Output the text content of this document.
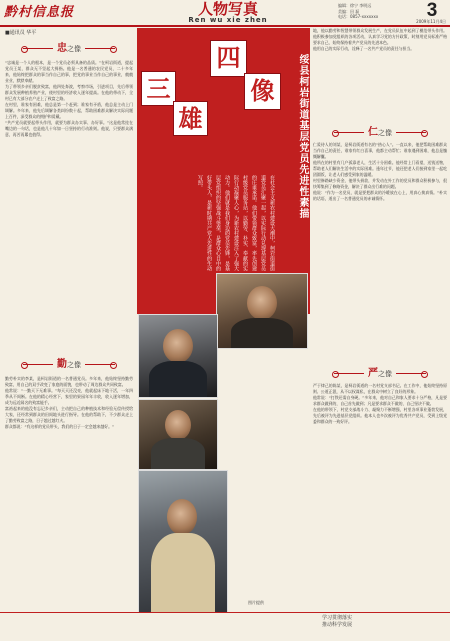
黔村信息报	人物写真
Ren wu xie zhen
编辑：徐宁 李明远
美编：田 磊
电话：0857-xxxxxxx	3
2009年11月4日
■通讯员 华平
忠之像
“忠诚是一个人的根本，是一个党员必须具备的品质。”在柯岩街道，提起党员王某，群众无不竖起大拇指。他是一名普通的农民党员，二十多年来，他始终把群众的事当作自己的事，把党的事业当作自己的事业，兢兢业业，默默奉献。
为了带领乡亲们脱贫致富，他四处奔波，考察市场，引进项目，先后带领群众发展种植养殖产业，使村里的经济收入逐年提高。在他的带动下，全村已有大部分农户走上了致富之路。
在村里，谁家有困难，他总是第一个赶到；谁家有矛盾，他总是主动上门调解。多年来，他先后调解各类纠纷数十起，帮助困难群众解决实际问题上百件，深受群众的拥护和爱戴。
“共产党员就要起带头作用，就要为群众办实事、办好事。”这是他常挂在嘴边的一句话，也是他几十年如一日坚持的行动准则。他说，只要群众满意，再苦再累也值得。
勤之像
勤劳朴实的李某，是柯岩街道的一名普通党员。多年来，他始终坚持勤劳致富，用自己的双手改变了家庭的面貌，也带动了周边群众共同致富。
他常说：“一勤天下无难事。”每天天还没亮，他就起床下地干活，一年四季从不间断。在他的精心经营下，家里的果园年年丰收，收入逐年增加，成为远近闻名的致富能手。
富裕起来的他没有忘记乡亲们，主动把自己的种植技术和经验无偿传授给大家，还经常到群众的田间地头进行指导。在他的帮助下，不少群众走上了勤劳致富之路，日子越过越红火。
群众都说：“有这样的党员带头，我们的日子一定会越来越好。”
四
像
三
雄	绥县柯岩街道基层党员先进性素描
在社会主义新农村建设大潮中，柯岩街道街道党员汇聚一起，以实际行动兑现基层党员的庄重承诺。他们带领群众致富，率先创建村级党员服务站，以勤劳、朴实、奉献的实际行动凝聚人心，为新农村建设注入了强大动力。他们就是我们身边的党员先锋，是基层党组织的坚强战斗堡垒，是群众心目中的好带头人，是新时期共产党人先进性的生动写照。
图片提供
地，他以勤劳和智慧带领群众发展生产，在党员队伍中起到了模范带头作用。他积极参加党组织的各项活动，认真学习党的方针政策，时刻用党员标准严格要求自己，始终保持着共产党员的先进本色。
他用自己的实际行动，诠释了一名共产党员的责任与担当。
仁之像
仁爱待人的刘某，是柯岩街道有名的“热心人”。一直以来，他把帮助困难群众当作自己的责任，谁家有红白喜事，他都主动帮忙；谁家遇到困难，他总是慷慨解囊。
他所在的村里有几户孤寡老人，生活十分困难。他经常上门看望，送钱送物，帮助老人们解决生活中的实际困难。逢年过节，他还把老人们接到家里一起吃团圆饭，让老人们感受到家的温暖。
村里修路缺少资金，他带头捐款，并发动在外工作的党员和群众积极参与，很快筹集到了修路资金，解决了群众出行难的问题。
他说：“作为一名党员，就是要把群众的冷暖放在心上，用真心换真情。”朴实的话语，道出了一名普通党员的赤诚情怀。
严之像
严于律己的陈某，是柯岩街道的一名村党支部书记。在工作中，他始终坚持原则、公道正派，从不以权谋私，在群众中树立了良好的形象。
他常说：“打铁还需自身硬。”多年来，他对自己和家人要求十分严格，凡是要求群众做到的，自己首先做到；凡是要求群众不做的，自己坚决不做。
在他的带领下，村党支部战斗力、凝聚力不断增强，村里各项事业蓬勃发展，先后被评为先进基层党组织。他本人也多次被评为优秀共产党员，受到上级党委和群众的一致好评。
学习贯彻落实
推动科学发展
